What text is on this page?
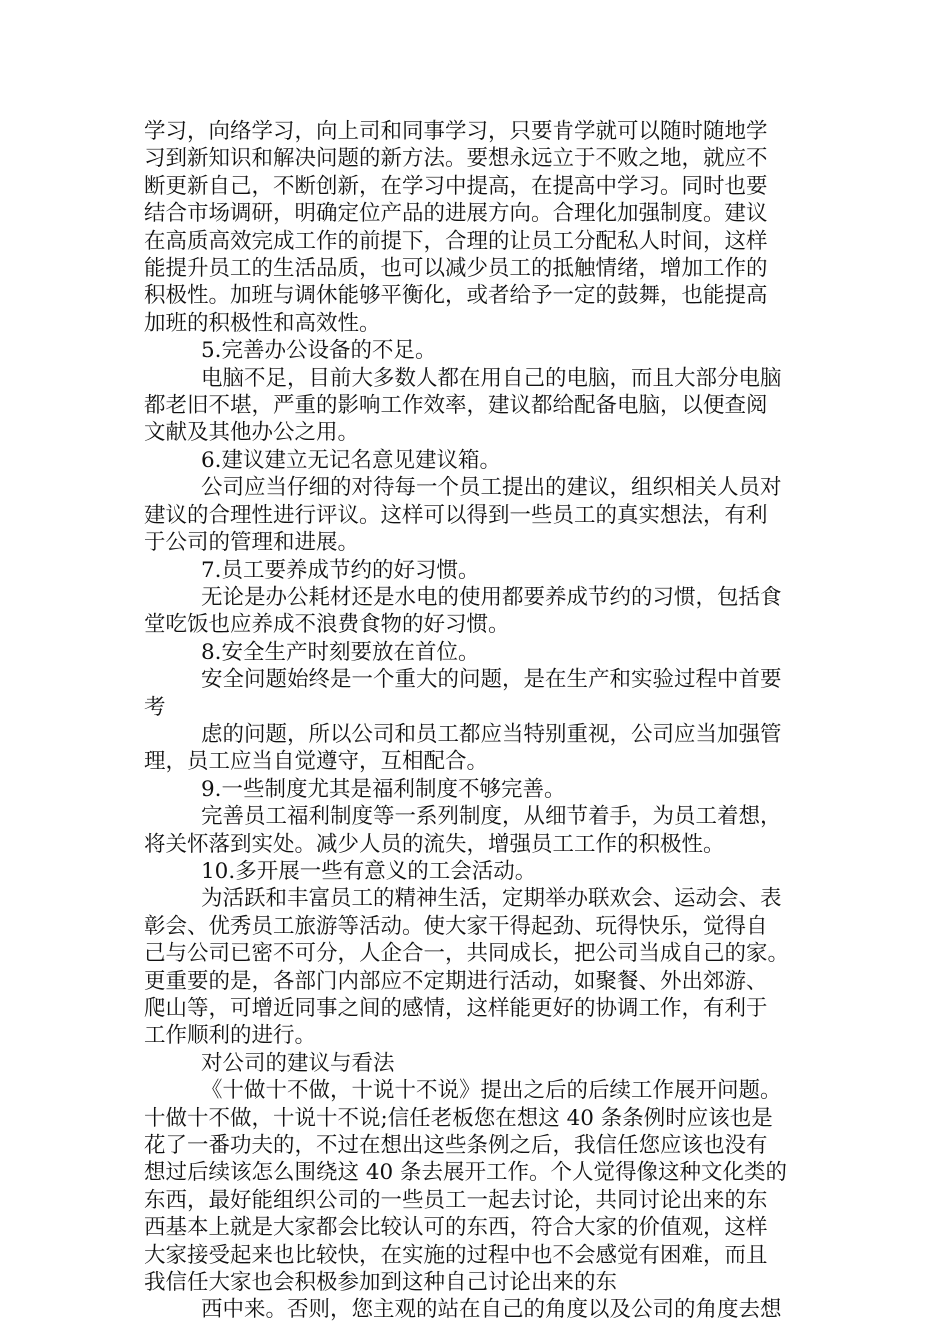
学习，向络学习，向上司和同事学习，只要肯学就可以随时随地学

习到新知识和解决问题的新方法。要想永远立于不败之地，就应不

断更新自己，不断创新，在学习中提高，在提高中学习。同时也要

结合市场调研，明确定位产品的进展方向。合理化加强制度。建议

在高质高效完成工作的前提下，合理的让员工分配私人时间，这样

能提升员工的生活品质，也可以减少员工的抵触情绪，增加工作的

积极性。加班与调休能够平衡化，或者给予一定的鼓舞，也能提高

加班的积极性和高效性。

5.完善办公设备的不足。

电脑不足，目前大多数人都在用自己的电脑，而且大部分电脑

都老旧不堪，严重的影响工作效率，建议都给配备电脑，以便查阅

文献及其他办公之用。

6.建议建立无记名意见建议箱。

公司应当仔细的对待每一个员工提出的建议，组织相关人员对

建议的合理性进行评议。这样可以得到一些员工的真实想法，有利

于公司的管理和进展。

7.员工要养成节约的好习惯。

无论是办公耗材还是水电的使用都要养成节约的习惯，包括食

堂吃饭也应养成不浪费食物的好习惯。

8.安全生产时刻要放在首位。

安全问题始终是一个重大的问题，是在生产和实验过程中首要

考

虑的问题，所以公司和员工都应当特别重视，公司应当加强管

理，员工应当自觉遵守，互相配合。

9.一些制度尤其是福利制度不够完善。

完善员工福利制度等一系列制度，从细节着手，为员工着想，

将关怀落到实处。减少人员的流失，增强员工工作的积极性。

10.多开展一些有意义的工会活动。

为活跃和丰富员工的精神生活，定期举办联欢会、运动会、表

彰会、优秀员工旅游等活动。使大家干得起劲、玩得快乐，觉得自

己与公司已密不可分，人企合一，共同成长，把公司当成自己的家。

更重要的是，各部门内部应不定期进行活动，如聚餐、外出郊游、

爬山等，可增近同事之间的感情，这样能更好的协调工作，有利于

工作顺利的进行。

对公司的建议与看法

《十做十不做，十说十不说》提出之后的后续工作展开问题。

十做十不做，十说十不说;信任老板您在想这 40 条条例时应该也是

花了一番功夫的，不过在想出这些条例之后，我信任您应该也没有

想过后续该怎么围绕这 40 条去展开工作。个人觉得像这种文化类的

东西，最好能组织公司的一些员工一起去讨论，共同讨论出来的东

西基本上就是大家都会比较认可的东西，符合大家的价值观，这样

大家接受起来也比较快，在实施的过程中也不会感觉有困难，而且

我信任大家也会积极参加到这种自己讨论出来的东

西中来。否则，您主观的站在自己的角度以及公司的角度去想
